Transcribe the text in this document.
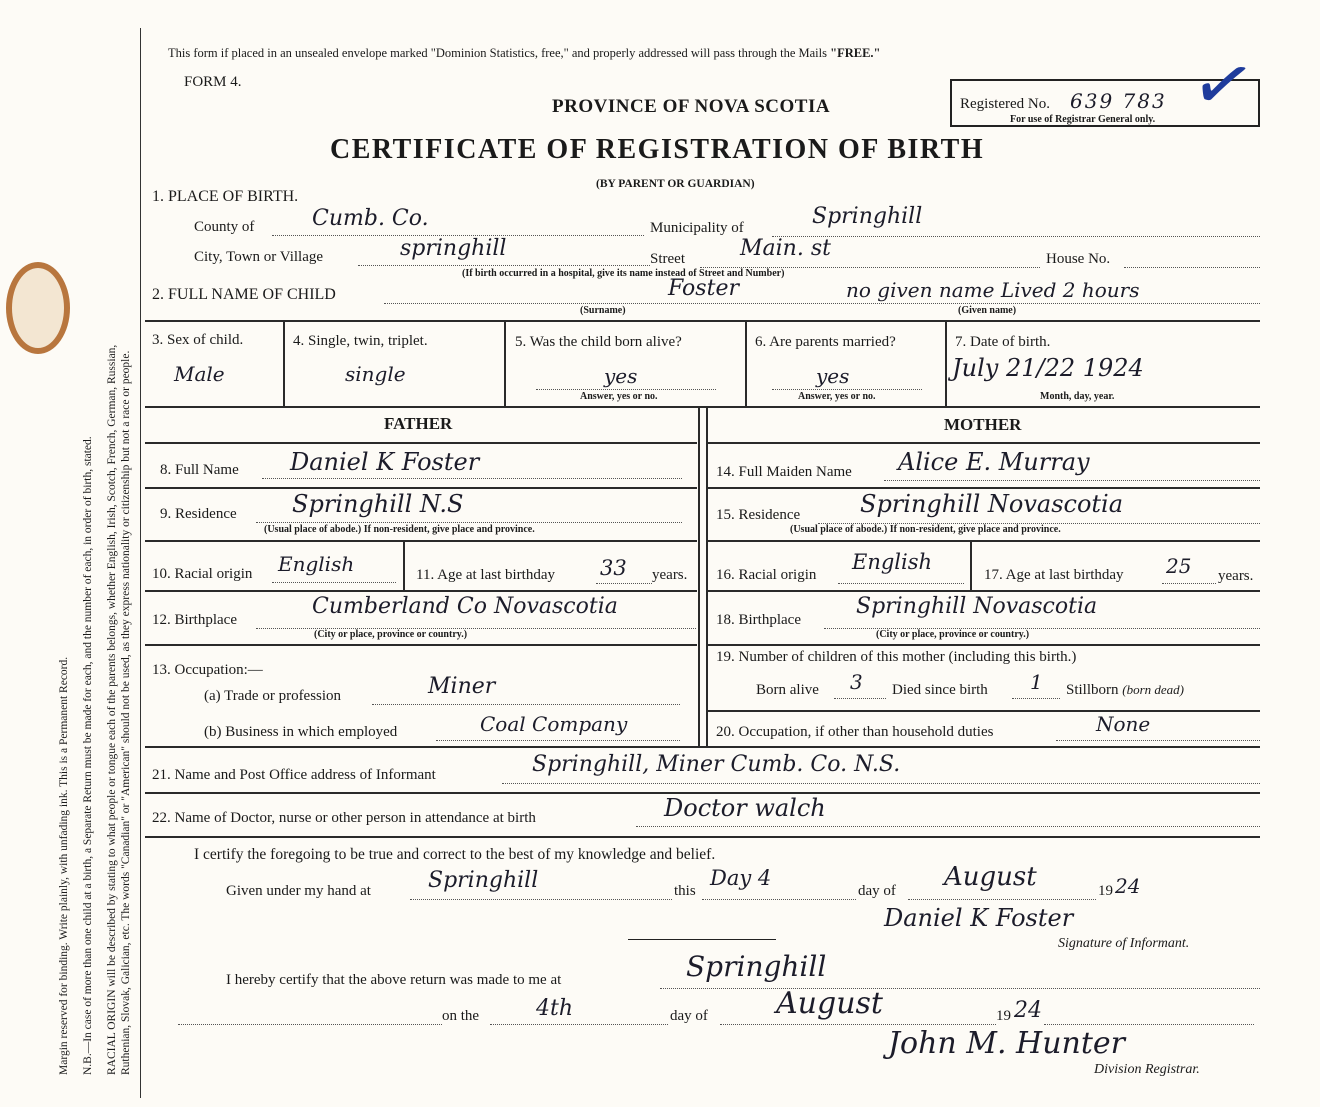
Margin reserved for binding. Write plainly, with unfading ink. This is a Permanent Record. N.B.—In case of more than one child at a birth, a Separate Return must be made for each, and the number of each, in order of birth, stated. RACIAL ORIGIN will be described by stating to what people or tongue each of the parents belongs, whether English, Irish, Scotch, French, German, Russian, Ruthenian, Slovak, Galician, etc. The words "Canadian" or "American" should not be used, as they express nationality or citizenship but not a race or people.
This form if placed in an unsealed envelope marked "Dominion Statistics, free," and properly addressed will pass through the Mails "FREE."
FORM 4.
PROVINCE OF NOVA SCOTIA	Registered No. 639 783
For use of Registrar General only. ✓
CERTIFICATE OF REGISTRATION OF BIRTH
(BY PARENT OR GUARDIAN)
1. PLACE OF BIRTH.
County of	Cumb. Co.	Municipality of	Springhill
City, Town or Village	springhill	Street	Main. st	House No.
(If birth occurred in a hospital, give its name instead of Street and Number)
2. FULL NAME OF CHILD	Foster	no given name Lived 2 hours
(Surname)	(Given name)
3. Sex of child.
Male
4. Single, twin, triplet.
single
5. Was the child born alive?
yes
Answer, yes or no.
6. Are parents married?
yes
Answer, yes or no.
7. Date of birth.
July 21/22 1924
Month, day, year.
FATHER
8. Full Name Daniel K Foster
9. Residence Springhill N.S
(Usual place of abode.) If non-resident, give place and province.
10. Racial origin English	11. Age at last birthday 33 years.
12. Birthplace
Cumberland Co Novascotia
(City or place, province or country.)
13. Occupation:—
(a) Trade or profession	Miner
(b) Business in which employed	Coal Company
MOTHER
14. Full Maiden Name Alice E. Murray
15. Residence Springhill Novascotia
(Usual place of abode.) If non-resident, give place and province.
16. Racial origin
English
17. Age at last birthday 25 years.
18. Birthplace
Springhill Novascotia
(City or place, province or country.)
19. Number of children of this mother (including this birth.)
Born alive 3 Died since birth 1 Stillborn (born dead)
20. Occupation, if other than household duties	None
21. Name and Post Office address of Informant	Springhill, Miner Cumb. Co. N.S.
22. Name of Doctor, nurse or other person in attendance at birth	Doctor walch
I certify the foregoing to be true and correct to the best of my knowledge and belief.
Given under my hand at	Springhill	this
Day 4
day of August	19 24
Daniel K Foster
Signature of Informant.
I hereby certify that the above return was made to me at	Springhill
on the	4th	day of August	19 24
John M. Hunter
Division Registrar.
